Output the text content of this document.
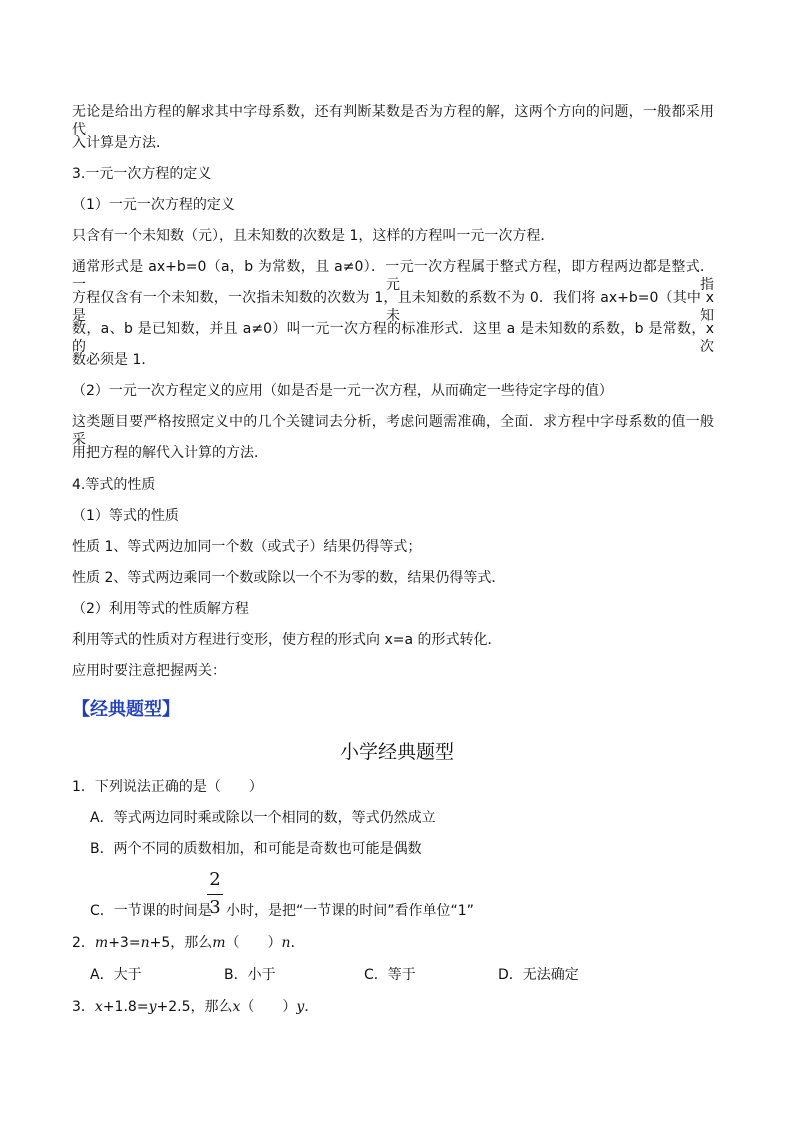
无论是给出方程的解求其中字母系数，还有判断某数是否为方程的解，这两个方向的问题，一般都采用代
入计算是方法．
3.一元一次方程的定义
（1）一元一次方程的定义
只含有一个未知数（元），且未知数的次数是 1，这样的方程叫一元一次方程．
通常形式是 ax+b=0（a，b 为常数，且 a≠0）．一元一次方程属于整式方程，即方程两边都是整式．一元指
方程仅含有一个未知数，一次指未知数的次数为 1，且未知数的系数不为 0．我们将 ax+b=0（其中 x 是未知
数，a、b 是已知数，并且 a≠0）叫一元一次方程的标准形式．这里 a 是未知数的系数，b 是常数，x 的次
数必须是 1．
（2）一元一次方程定义的应用（如是否是一元一次方程，从而确定一些待定字母的值）
这类题目要严格按照定义中的几个关键词去分析，考虑问题需准确，全面．求方程中字母系数的值一般采
用把方程的解代入计算的方法．
4.等式的性质
（1）等式的性质
性质 1、等式两边加同一个数（或式子）结果仍得等式；
性质 2、等式两边乘同一个数或除以一个不为零的数，结果仍得等式．
（2）利用等式的性质解方程
利用等式的性质对方程进行变形，使方程的形式向 x=a 的形式转化．
应用时要注意把握两关：
【经典题型】
小学经典题型
1．下列说法正确的是（　　）
A．等式两边同时乘或除以一个相同的数，等式仍然成立
B．两个不同的质数相加，和可能是奇数也可能是偶数
C．一节课的时间是
2
3 小时，是把“一节课的时间”看作单位“1”
2．m+3=n+5，那么m（　　）n．
A．大于	B．小于	C．等于	D．无法确定
3．x+1.8=y+2.5，那么x（　　）y．
